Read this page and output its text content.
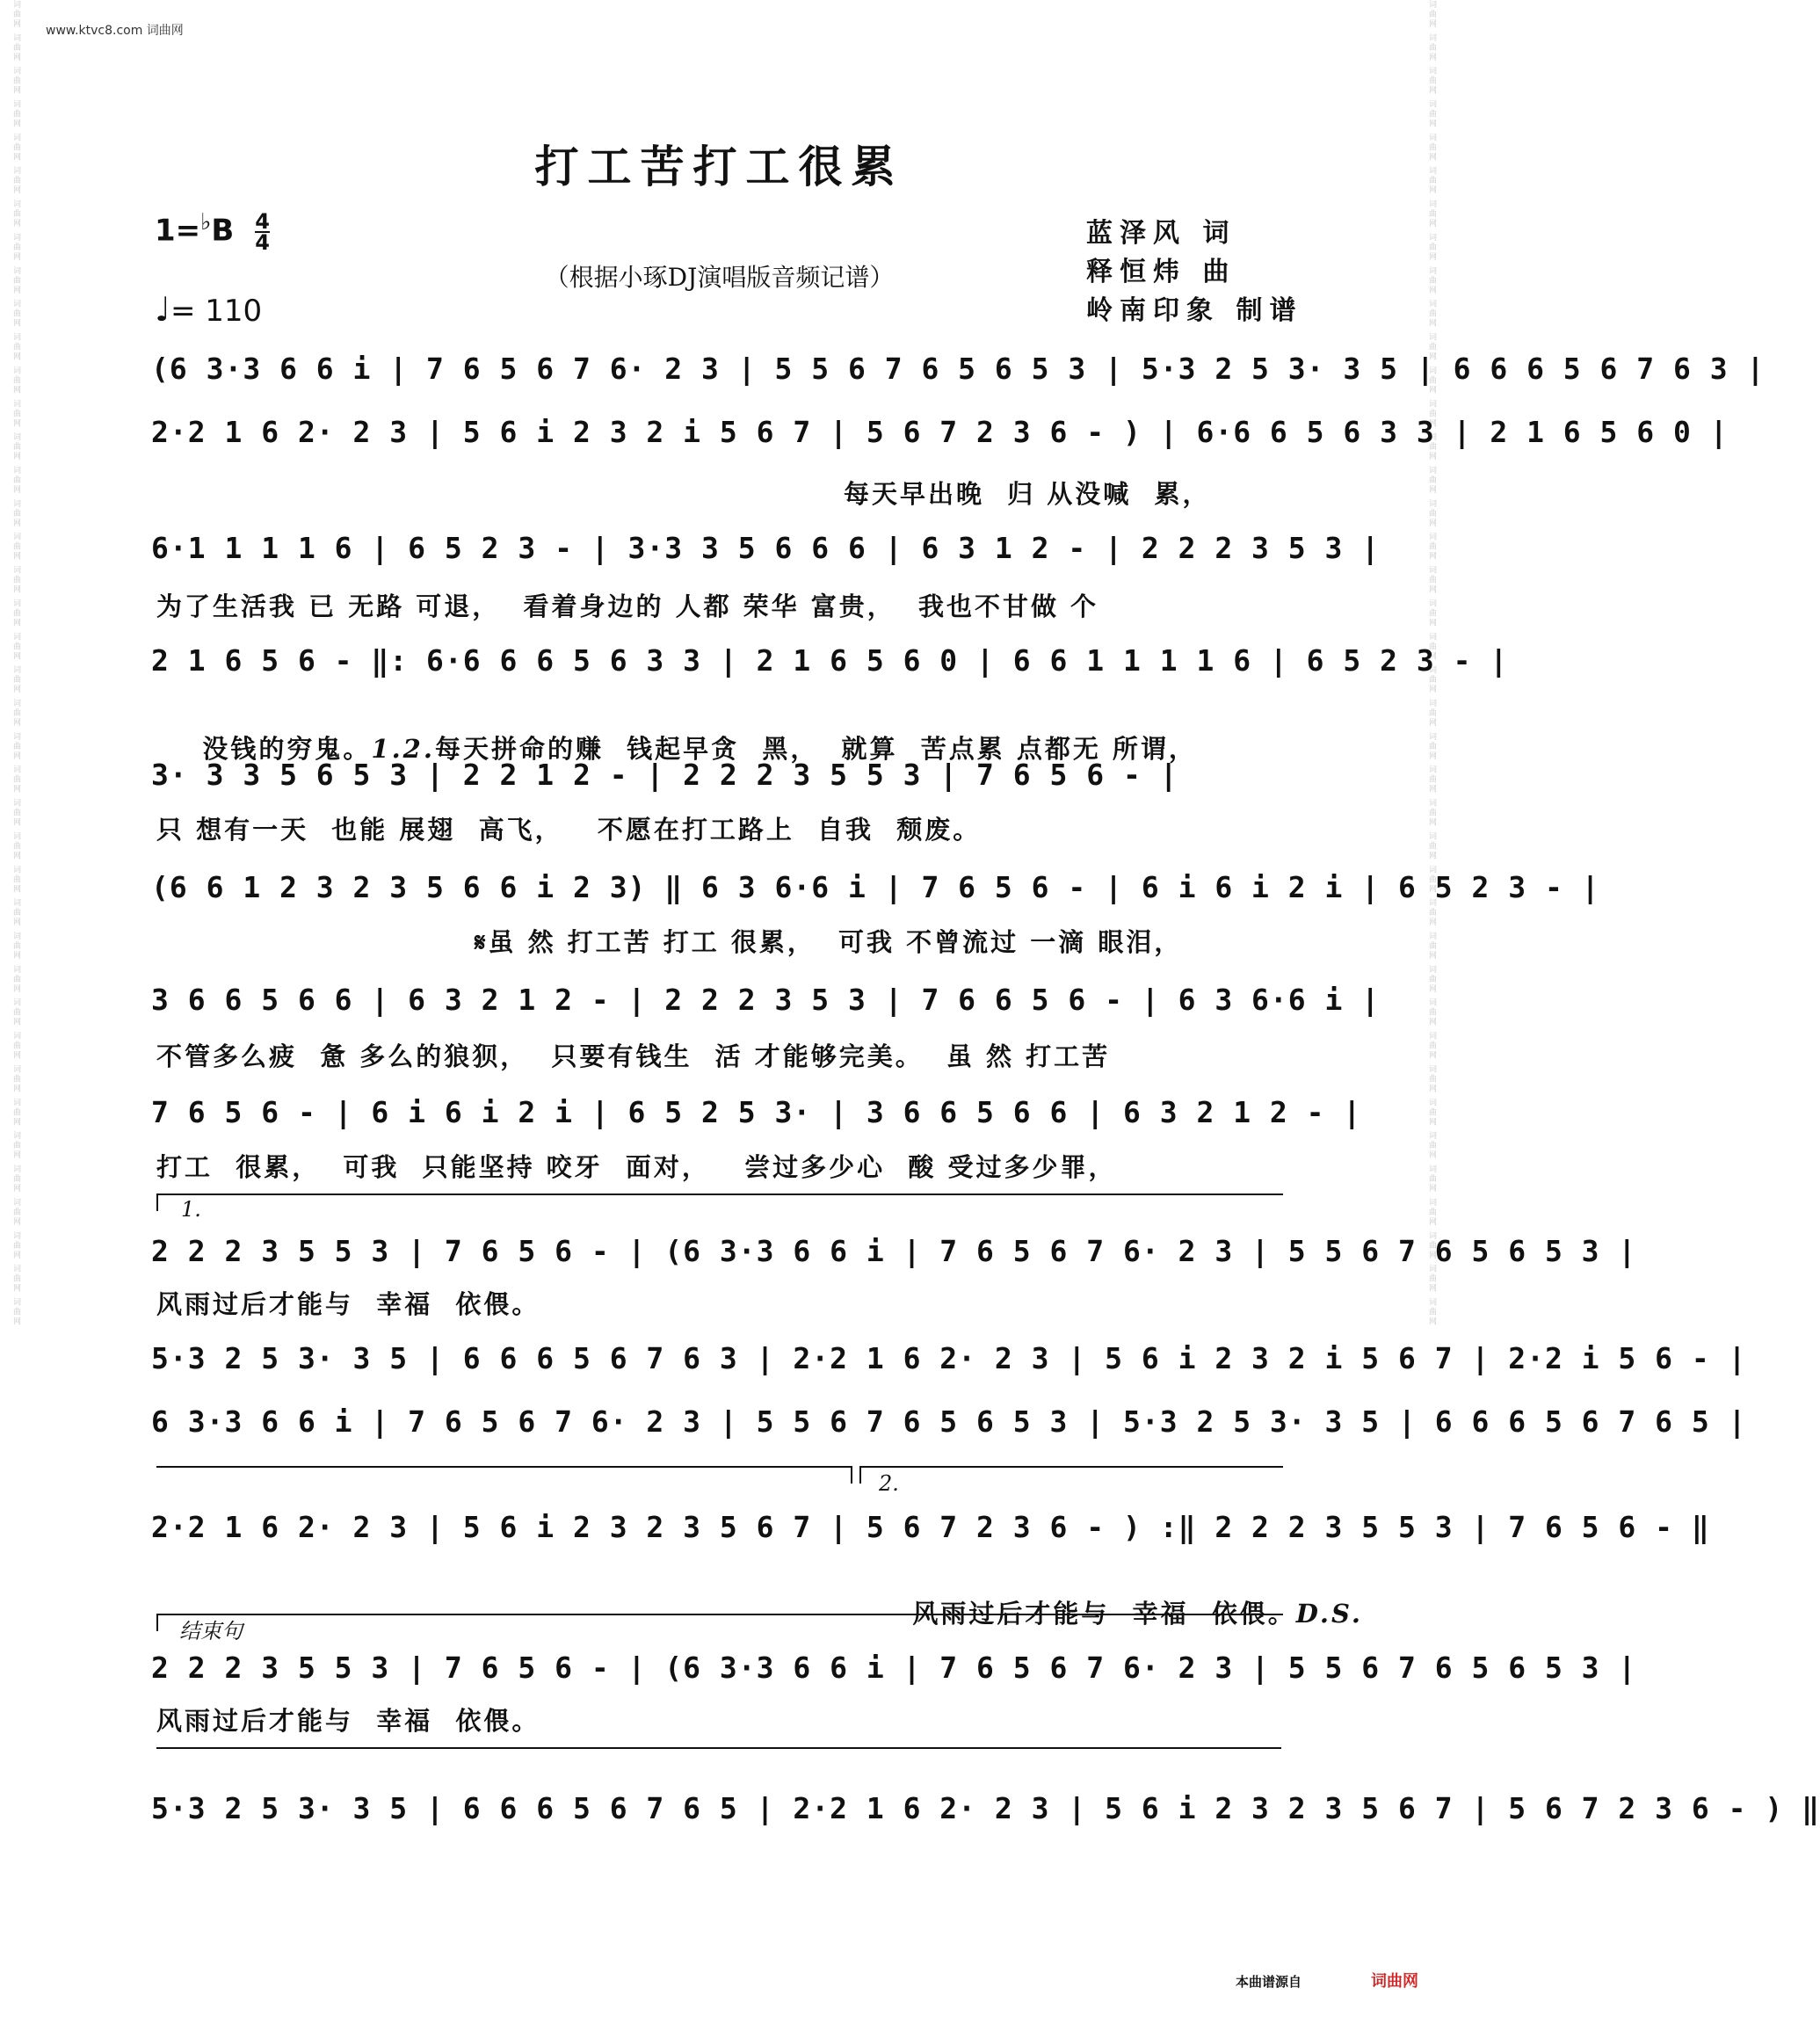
词曲网 词曲网 词曲网 词曲网 词曲网 词曲网 词曲网 词曲网 词曲网 词曲网 词曲网 词曲网 词曲网 词曲网 词曲网 词曲网 词曲网 词曲网 词曲网 词曲网 词曲网 词曲网 词曲网 词曲网 词曲网 词曲网 词曲网 词曲网 词曲网 词曲网 词曲网 词曲网 词曲网 词曲网 词曲网 词曲网 词曲网 词曲网 词曲网 词曲网	词曲网 词曲网 词曲网 词曲网 词曲网 词曲网 词曲网 词曲网 词曲网 词曲网 词曲网 词曲网 词曲网 词曲网 词曲网 词曲网 词曲网 词曲网 词曲网 词曲网 词曲网 词曲网 词曲网 词曲网 词曲网 词曲网 词曲网 词曲网 词曲网 词曲网 词曲网 词曲网 词曲网 词曲网 词曲网 词曲网 词曲网 词曲网 词曲网 词曲网
www.ktvc8.com 词曲网
打工苦打工很累
$1=^♭B \frac{4}{4}$
♩= 110
（根据小琢DJ演唱版音频记谱）
蓝泽风 词
释恒炜 曲
岭南印象 制谱
(6 3·3 6 6 i | 7 6 5 6 7 6· 2 3 | 5 5 6 7 6 5 6 5 3 | 5·3 2 5 3· 3 5 | 6 6 6 5 6 7 6 3 |
2·2 1 6 2· 2 3 | 5 6 i 2 3 2 i 5 6 7 | 5 6 7 2 3 6 - ) | 6·6 6 5 6 3 3 | 2 1 6 5 6 0 |
每天早出晚  归 从没喊  累，
6·1 1 1 1 6 | 6 5 2 3 - | 3·3 3 5 6 6 6 | 6 3 1 2 - | 2 2 2 3 5 3 |
为了生活我 已 无路 可退，  看着身边的 人都 荣华 富贵，  我也不甘做 个
2 1 6 5 6 - ‖: 6·6 6 6 5 6 3 3 | 2 1 6 5 6 0 | 6 6 1 1 1 1 6 | 6 5 2 3 - |

没钱的穷鬼。1.2.每天拼命的赚  钱起早贪  黑，  就算  苦点累 点都无 所谓，

3· 3 3 5 6 5 3 | 2 2 1 2 - | 2 2 2 3 5 5 3 | 7 6 5 6 - |
只 想有一天  也能 展翅  高飞，   不愿在打工路上  自我  颓废。
(6 6 1 2 3 2 3 5 6 6 i 2 3) ‖ 6 3 6·6 i | 7 6 5 6 - | 6 i 6 i 2 i | 6 5 2 3 - |
𝄋虽 然 打工苦 打工 很累，  可我 不曾流过 一滴 眼泪，
3 6 6 5 6 6 | 6 3 2 1 2 - | 2 2 2 3 5 3 | 7 6 6 5 6 - | 6 3 6·6 i |
不管多么疲  惫 多么的狼狈，  只要有钱生  活 才能够完美。  虽 然 打工苦
7 6 5 6 - | 6 i 6 i 2 i | 6 5 2 5 3· | 3 6 6 5 6 6 | 6 3 2 1 2 - |
打工  很累，  可我  只能坚持 咬牙  面对，   尝过多少心  酸 受过多少罪，
1.
2 2 2 3 5 5 3 | 7 6 5 6 - | (6 3·3 6 6 i | 7 6 5 6 7 6· 2 3 | 5 5 6 7 6 5 6 5 3 |
风雨过后才能与  幸福  依偎。
5·3 2 5 3· 3 5 | 6 6 6 5 6 7 6 3 | 2·2 1 6 2· 2 3 | 5 6 i 2 3 2 i 5 6 7 | 2·2 i 5 6 - |
6 3·3 6 6 i | 7 6 5 6 7 6· 2 3 | 5 5 6 7 6 5 6 5 3 | 5·3 2 5 3· 3 5 | 6 6 6 5 6 7 6 5 |
2.
2·2 1 6 2· 2 3 | 5 6 i 2 3 2 3 5 6 7 | 5 6 7 2 3 6 - ) :‖ 2 2 2 3 5 5 3 | 7 6 5 6 - ‖

风雨过后才能与  幸福  依偎。D.S.

结束句
2 2 2 3 5 5 3 | 7 6 5 6 - | (6 3·3 6 6 i | 7 6 5 6 7 6· 2 3 | 5 5 6 7 6 5 6 5 3 |
风雨过后才能与  幸福  依偎。
5·3 2 5 3· 3 5 | 6 6 6 5 6 7 6 5 | 2·2 1 6 2· 2 3 | 5 6 i 2 3 2 3 5 6 7 | 5 6 7 2 3 6 - ) ‖
本曲谱源自	词曲网
